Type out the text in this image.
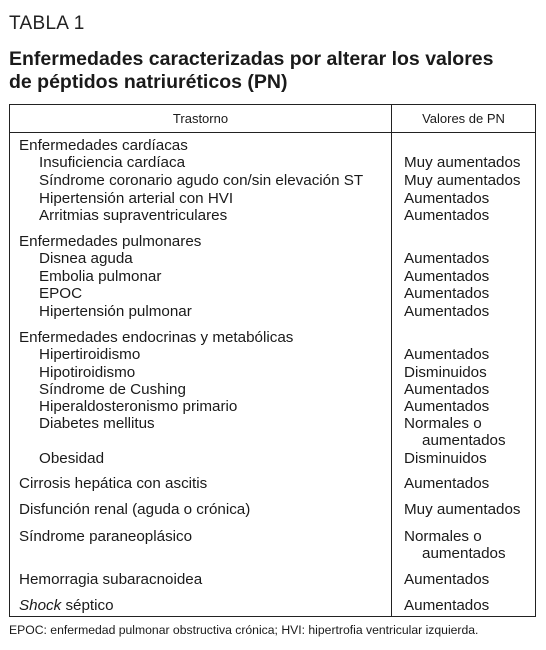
TABLA 1
Enfermedades caracterizadas por alterar los valores
de péptidos natriuréticos (PN)
Trastorno	Valores de PN
Enfermedades cardíacas
Insuficiencia cardíaca	Muy aumentados
Síndrome coronario agudo con/sin elevación ST	Muy aumentados
Hipertensión arterial con HVI	Aumentados
Arritmias supraventriculares	Aumentados
Enfermedades pulmonares
Disnea aguda	Aumentados
Embolia pulmonar	Aumentados
EPOC	Aumentados
Hipertensión pulmonar	Aumentados
Enfermedades endocrinas y metabólicas
Hipertiroidismo	Aumentados
Hipotiroidismo	Disminuidos
Síndrome de Cushing	Aumentados
Hiperaldosteronismo primario	Aumentados
Diabetes mellitus	Normales o
aumentados
Obesidad	Disminuidos
Cirrosis hepática con ascitis	Aumentados
Disfunción renal (aguda o crónica)	Muy aumentados
Síndrome paraneoplásico	Normales o
aumentados
Hemorragia subaracnoidea	Aumentados
Shock séptico	Aumentados
EPOC: enfermedad pulmonar obstructiva crónica; HVI: hipertrofia ventricular izquierda.
